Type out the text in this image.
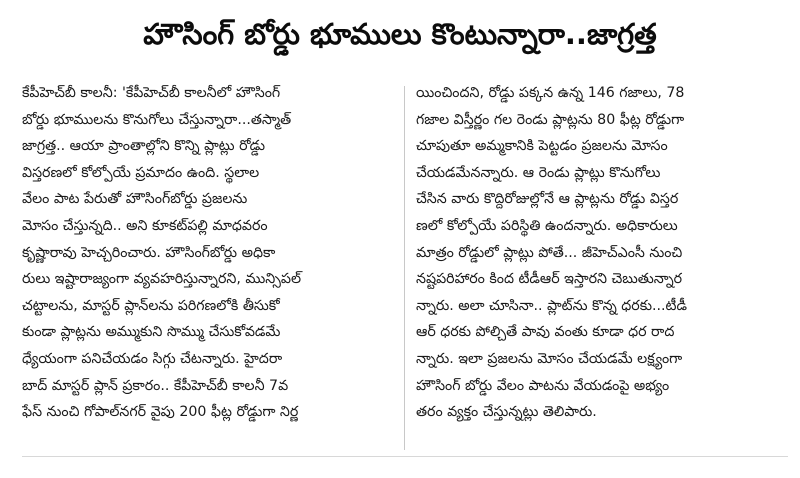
హౌసింగ్ బోర్డు భూములు కొంటున్నారా..జాగ్రత్త
కేపీహెచ్‌బీ కాలనీ: 'కేపీహెచ్‌బీ కాలనీలో హౌసింగ్
బోర్డు భూములను కొనుగోలు చేస్తున్నారా...తస్మాత్
జాగ్రత్త.. ఆయా ప్రాంతాల్లోని కొన్ని ప్లాట్లు రోడ్డు
విస్తరణలో కోల్పోయే ప్రమాదం ఉంది. స్థలాల
వేలం పాట పేరుతో హౌసింగ్‌బోర్డు ప్రజలను
మోసం చేస్తున్నది.. అని కూకట్‌పల్లి మాధవరం
కృష్ణారావు హెచ్చరించారు. హౌసింగ్‌బోర్డు అధికా
రులు ఇష్టారాజ్యంగా వ్యవహరిస్తున్నారని, మున్సిపల్
చట్టాలను, మాస్టర్ ప్లాన్‌లను పరిగణలోకి తీసుకో
కుండా ప్లాట్లను అమ్ముకుని సొమ్ము చేసుకోవడమే
ధ్యేయంగా పనిచేయడం సిగ్గు చేటన్నారు. హైదరా
బాద్ మాస్టర్ ప్లాన్ ప్రకారం.. కేపీహెచ్‌బీ కాలనీ 7వ
ఫేస్ నుంచి గోపాల్‌నగర్ వైపు 200 ఫీట్ల రోడ్డుగా నిర్ణ
యించిందని, రోడ్డు పక్కన ఉన్న 146 గజాలు, 78
గజాల విస్తీర్ణం గల రెండు ప్లాట్లను 80 ఫీట్ల రోడ్డుగా
చూపుతూ అమ్మకానికి పెట్టడం ప్రజలను మోసం
చేయడమేనన్నారు. ఆ రెండు ప్లాట్లు కొనుగోలు
చేసిన వారు కొద్దిరోజుల్లోనే ఆ ప్లాట్లను రోడ్డు విస్తర
ణలో కోల్పోయే పరిస్థితి ఉందన్నారు. అధికారులు
మాత్రం రోడ్డులో ప్లాట్లు పోతే... జీహెచ్‌ఎంసీ నుంచి
నష్టపరిహారం కింద టీడీఆర్ ఇస్తారని చెబుతున్నార
న్నారు. అలా చూసినా.. ప్లాట్‌ను కొన్న ధరకు...టీడీ
ఆర్ ధరకు పోల్చితే పావు వంతు కూడా ధర రాద
న్నారు. ఇలా ప్రజలను మోసం చేయడమే లక్ష్యంగా
హౌసింగ్ బోర్డు వేలం పాటను వేయడంపై అభ్యం
తరం వ్యక్తం చేస్తున్నట్లు తెలిపారు.
